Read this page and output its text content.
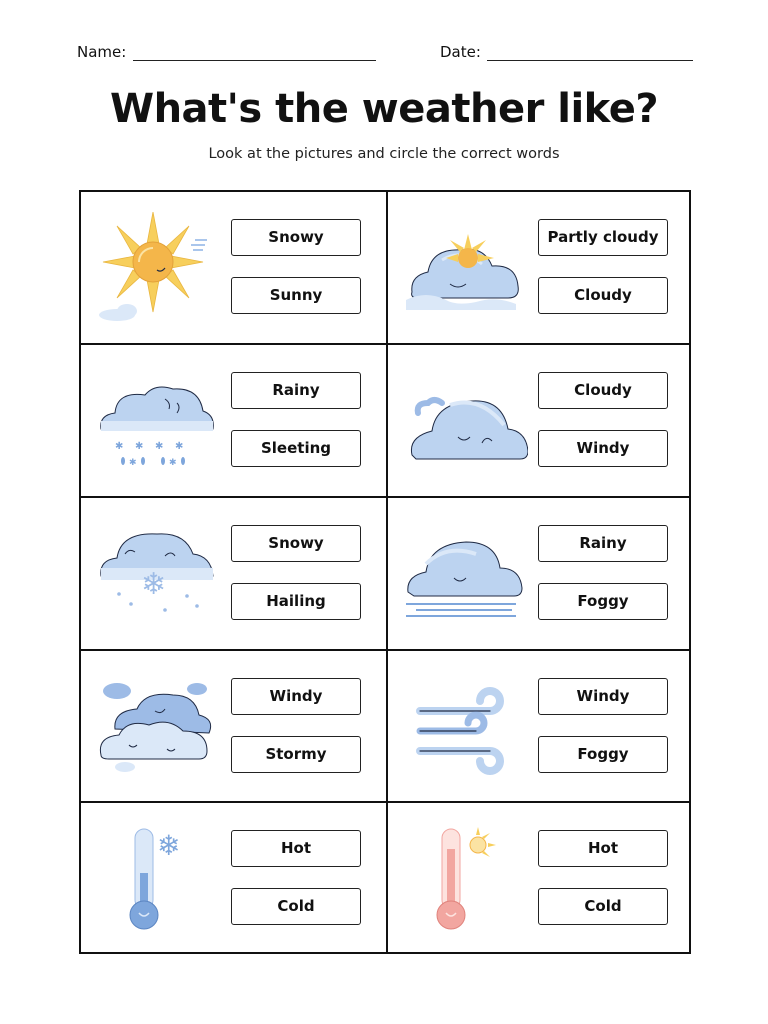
Name:	Date:
What's the weather like?
Look at the pictures and circle the correct words
Snowy
Sunny
Partly cloudy
Cloudy
✱ ✱ ✱ ✱
✱	✱
Rainy
Sleeting
Cloudy
Windy
❄
Snowy
Hailing
Rainy
Foggy
Windy
Stormy
Windy
Foggy
❄	Hot
Cold
Hot
Cold
